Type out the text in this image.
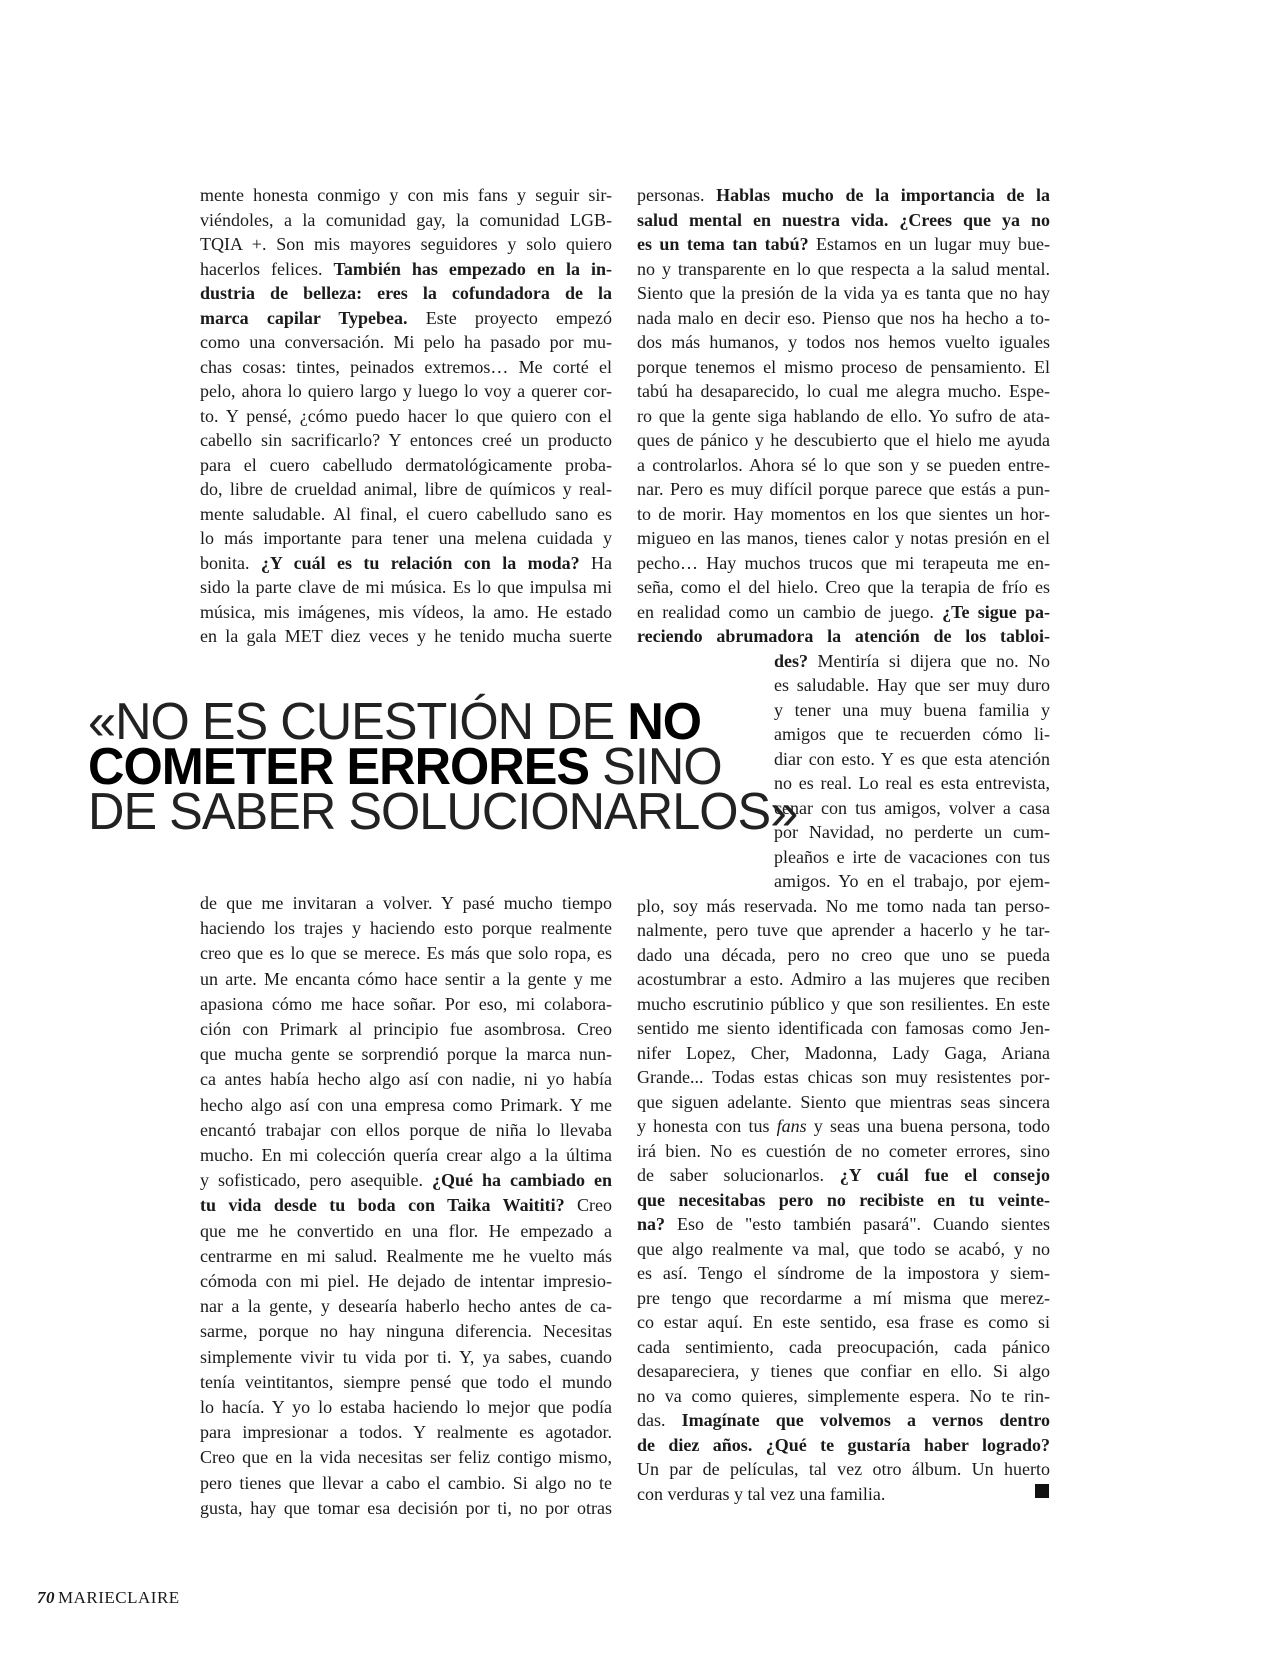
mente honesta conmigo y con mis fans y seguir sir-
viéndoles, a la comunidad gay, la comunidad LGB-
TQIA +. Son mis mayores seguidores y solo quiero
hacerlos felices. También has empezado en la in-
dustria de belleza: eres la cofundadora de la
marca capilar Typebea. Este proyecto empezó
como una conversación. Mi pelo ha pasado por mu-
chas cosas: tintes, peinados extremos… Me corté el
pelo, ahora lo quiero largo y luego lo voy a querer cor-
to. Y pensé, ¿cómo puedo hacer lo que quiero con el
cabello sin sacrificarlo? Y entonces creé un producto
para el cuero cabelludo dermatológicamente proba-
do, libre de crueldad animal, libre de químicos y real-
mente saludable. Al final, el cuero cabelludo sano es
lo más importante para tener una melena cuidada y
bonita. ¿Y cuál es tu relación con la moda? Ha
sido la parte clave de mi música. Es lo que impulsa mi
música, mis imágenes, mis vídeos, la amo. He estado
en la gala MET diez veces y he tenido mucha suerte
de que me invitaran a volver. Y pasé mucho tiempo
haciendo los trajes y haciendo esto porque realmente
creo que es lo que se merece. Es más que solo ropa, es
un arte. Me encanta cómo hace sentir a la gente y me
apasiona cómo me hace soñar. Por eso, mi colabora-
ción con Primark al principio fue asombrosa. Creo
que mucha gente se sorprendió porque la marca nun-
ca antes había hecho algo así con nadie, ni yo había
hecho algo así con una empresa como Primark. Y me
encantó trabajar con ellos porque de niña lo llevaba
mucho. En mi colección quería crear algo a la última
y sofisticado, pero asequible. ¿Qué ha cambiado en
tu vida desde tu boda con Taika Waititi? Creo
que me he convertido en una flor. He empezado a
centrarme en mi salud. Realmente me he vuelto más
cómoda con mi piel. He dejado de intentar impresio-
nar a la gente, y desearía haberlo hecho antes de ca-
sarme, porque no hay ninguna diferencia. Necesitas
simplemente vivir tu vida por ti. Y, ya sabes, cuando
tenía veintitantos, siempre pensé que todo el mundo
lo hacía. Y yo lo estaba haciendo lo mejor que podía
para impresionar a todos. Y realmente es agotador.
Creo que en la vida necesitas ser feliz contigo mismo,
pero tienes que llevar a cabo el cambio. Si algo no te
gusta, hay que tomar esa decisión por ti, no por otras
personas. Hablas mucho de la importancia de la
salud mental en nuestra vida. ¿Crees que ya no
es un tema tan tabú? Estamos en un lugar muy bue-
no y transparente en lo que respecta a la salud mental.
Siento que la presión de la vida ya es tanta que no hay
nada malo en decir eso. Pienso que nos ha hecho a to-
dos más humanos, y todos nos hemos vuelto iguales
porque tenemos el mismo proceso de pensamiento. El
tabú ha desaparecido, lo cual me alegra mucho. Espe-
ro que la gente siga hablando de ello. Yo sufro de ata-
ques de pánico y he descubierto que el hielo me ayuda
a controlarlos. Ahora sé lo que son y se pueden entre-
nar. Pero es muy difícil porque parece que estás a pun-
to de morir. Hay momentos en los que sientes un hor-
migueo en las manos, tienes calor y notas presión en el
pecho… Hay muchos trucos que mi terapeuta me en-
seña, como el del hielo. Creo que la terapia de frío es
en realidad como un cambio de juego. ¿Te sigue pa-
reciendo abrumadora la atención de los tabloi-
des? Mentiría si dijera que no. No
es saludable. Hay que ser muy duro
y tener una muy buena familia y
amigos que te recuerden cómo li-
diar con esto. Y es que esta atención
no es real. Lo real es esta entrevista,
cenar con tus amigos, volver a casa
por Navidad, no perderte un cum-
pleaños e irte de vacaciones con tus
amigos. Yo en el trabajo, por ejem-
plo, soy más reservada. No me tomo nada tan perso-
nalmente, pero tuve que aprender a hacerlo y he tar-
dado una década, pero no creo que uno se pueda
acostumbrar a esto. Admiro a las mujeres que reciben
mucho escrutinio público y que son resilientes. En este
sentido me siento identificada con famosas como Jen-
nifer Lopez, Cher, Madonna, Lady Gaga, Ariana
Grande... Todas estas chicas son muy resistentes por-
que siguen adelante. Siento que mientras seas sincera
y honesta con tus fans y seas una buena persona, todo
irá bien. No es cuestión de no cometer errores, sino
de saber solucionarlos. ¿Y cuál fue el consejo
que necesitabas pero no recibiste en tu veinte-
na? Eso de "esto también pasará". Cuando sientes
que algo realmente va mal, que todo se acabó, y no
es así. Tengo el síndrome de la impostora y siem-
pre tengo que recordarme a mí misma que merez-
co estar aquí. En este sentido, esa frase es como si
cada sentimiento, cada preocupación, cada pánico
desapareciera, y tienes que confiar en ello. Si algo
no va como quieres, simplemente espera. No te rin-
das. Imagínate que volvemos a vernos dentro
de diez años. ¿Qué te gustaría haber logrado?
Un par de películas, tal vez otro álbum. Un huerto
con verduras y tal vez una familia.
«NO ES CUESTIÓN DE NO
COMETER ERRORES SINO
DE SABER SOLUCIONARLOS»
70 MARIECLAIRE
